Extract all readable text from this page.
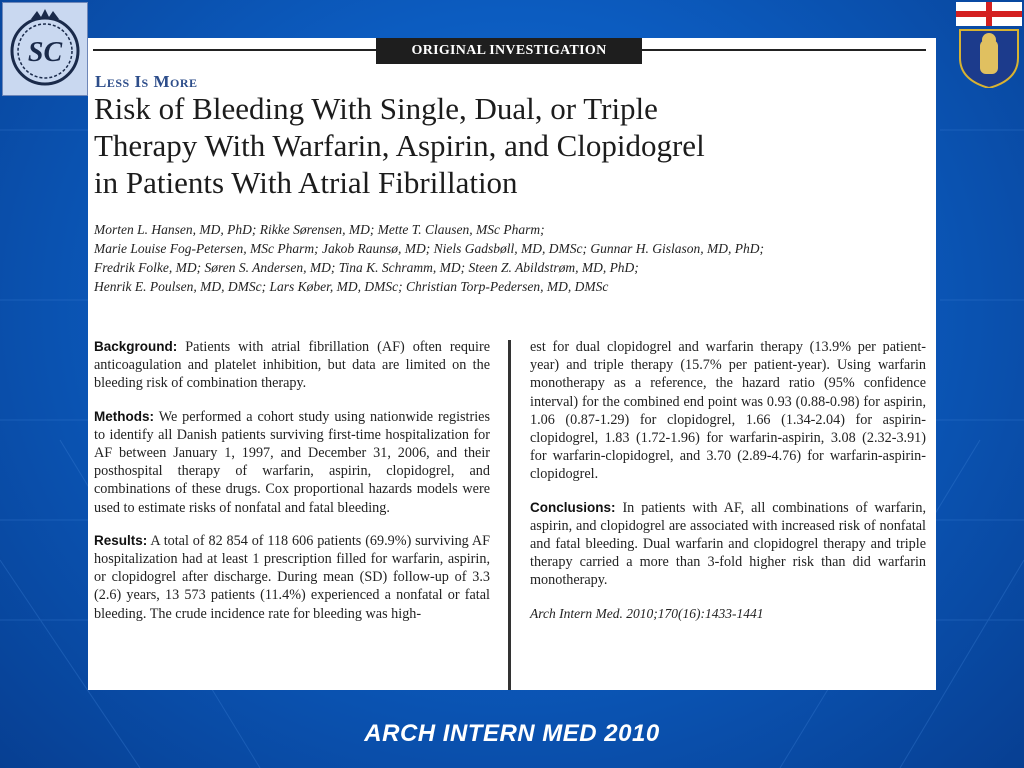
SC	ORIGINAL INVESTIGATION
Less Is More
Risk of Bleeding With Single, Dual, or Triple
Therapy With Warfarin, Aspirin, and Clopidogrel
in Patients With Atrial Fibrillation
Morten L. Hansen, MD, PhD; Rikke Sørensen, MD; Mette T. Clausen, MSc Pharm;
Marie Louise Fog-Petersen, MSc Pharm; Jakob Raunsø, MD; Niels Gadsbøll, MD, DMSc; Gunnar H. Gislason, MD, PhD;
Fredrik Folke, MD; Søren S. Andersen, MD; Tina K. Schramm, MD; Steen Z. Abildstrøm, MD, PhD;
Henrik E. Poulsen, MD, DMSc; Lars Køber, MD, DMSc; Christian Torp-Pedersen, MD, DMSc

Background: Patients with atrial fibrillation (AF) often require anticoagulation and platelet inhibition, but data are limited on the bleeding risk of combination therapy.

Methods: We performed a cohort study using nationwide registries to identify all Danish patients surviving first-time hospitalization for AF between January 1, 1997, and December 31, 2006, and their posthospital therapy of warfarin, aspirin, clopidogrel, and combinations of these drugs. Cox proportional hazards models were used to estimate risks of nonfatal and fatal bleeding.

Results: A total of 82 854 of 118 606 patients (69.9%) surviving AF hospitalization had at least 1 prescription filled for warfarin, aspirin, or clopidogrel after discharge. During mean (SD) follow-up of 3.3 (2.6) years, 13 573 patients (11.4%) experienced a nonfatal or fatal bleeding. The crude incidence rate for bleeding was high-

est for dual clopidogrel and warfarin therapy (13.9% per patient-year) and triple therapy (15.7% per patient-year). Using warfarin monotherapy as a reference, the hazard ratio (95% confidence interval) for the combined end point was 0.93 (0.88-0.98) for aspirin, 1.06 (0.87-1.29) for clopidogrel, 1.66 (1.34-2.04) for aspirin-clopidogrel, 1.83 (1.72-1.96) for warfarin-aspirin, 3.08 (2.32-3.91) for warfarin-clopidogrel, and 3.70 (2.89-4.76) for warfarin-aspirin-clopidogrel.

Conclusions: In patients with AF, all combinations of warfarin, aspirin, and clopidogrel are associated with increased risk of nonfatal and fatal bleeding. Dual warfarin and clopidogrel therapy and triple therapy carried a more than 3-fold higher risk than did warfarin monotherapy.

Arch Intern Med. 2010;170(16):1433-1441
ARCH INTERN MED 2010
